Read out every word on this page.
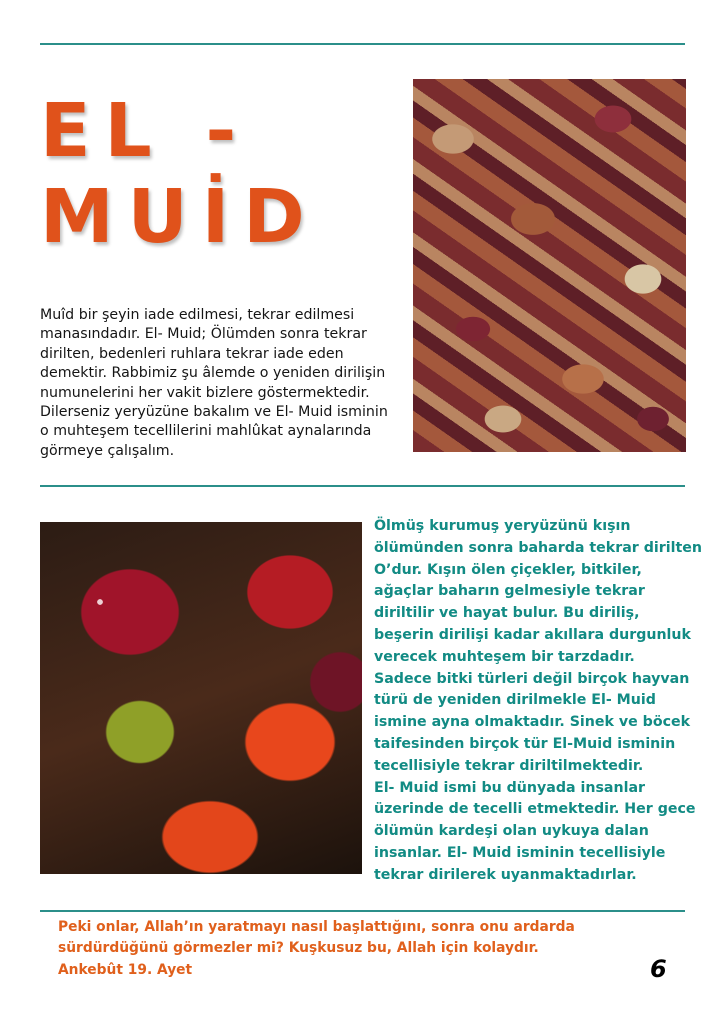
EL -
MUİD

Muîd bir şeyin iade edilmesi, tekrar edilmesi manasındadır. El- Muid; Ölümden sonra tekrar dirilten, bedenleri ruhlara tekrar iade eden demektir. Rabbimiz şu âlemde o yeniden dirilişin numunelerini her vakit bizlere göstermektedir. Dilerseniz yeryüzüne bakalım ve El- Muid isminin o muhteşem tecellilerini mahlûkat aynalarında görmeye çalışalım.

Ölmüş kurumuş yeryüzünü kışın ölümünden sonra baharda tekrar dirilten O’dur. Kışın ölen çiçekler, bitkiler, ağaçlar baharın gelmesiyle tekrar diriltilir ve hayat bulur. Bu diriliş, beşerin dirilişi kadar akıllara durgunluk verecek muhteşem bir tarzdadır.

Sadece bitki türleri değil birçok hayvan türü de yeniden dirilmekle El- Muid ismine ayna olmaktadır. Sinek ve böcek taifesinden birçok tür El-Muid isminin tecellisiyle tekrar diriltilmektedir.

El- Muid ismi bu dünyada insanlar üzerinde de tecelli etmektedir. Her gece ölümün kardeşi olan uykuya dalan insanlar. El- Muid isminin tecellisiyle tekrar dirilerek uyanmaktadırlar.

Peki onlar, Allah’ın yaratmayı nasıl başlattığını, sonra onu ardarda sürdürdüğünü görmezler mi? Kuşkusuz bu, Allah için kolaydır.

Ankebût 19. Ayet	6
